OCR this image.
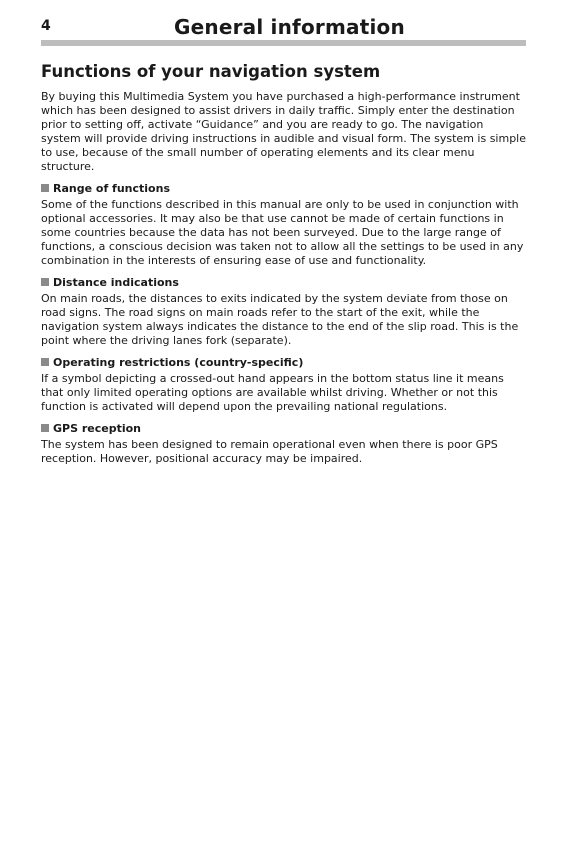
4	General information
Functions of your navigation system

By buying this Multimedia System you have purchased a high-performance instrument which has been designed to assist drivers in daily traffic. Simply enter the destination prior to setting off, activate “Guidance” and you are ready to go. The navigation system will provide driving instructions in audible and visual form. The system is simple to use, because of the small number of operating elements and its clear menu structure.

Range of functions

Some of the functions described in this manual are only to be used in conjunction with optional accessories. It may also be that use cannot be made of certain functions in some countries because the data has not been surveyed. Due to the large range of functions, a conscious decision was taken not to allow all the settings to be used in any combination in the interests of ensuring ease of use and functionality.

Distance indications

On main roads, the distances to exits indicated by the system deviate from those on road signs. The road signs on main roads refer to the start of the exit, while the navigation system always indicates the distance to the end of the slip road. This is the point where the driving lanes fork (separate).

Operating restrictions (country-specific)

If a symbol depicting a crossed-out hand appears in the bottom status line it means that only limited operating options are available whilst driving. Whether or not this function is activated will depend upon the prevailing national regulations.

GPS reception

The system has been designed to remain operational even when there is poor GPS reception. However, positional accuracy may be impaired.
